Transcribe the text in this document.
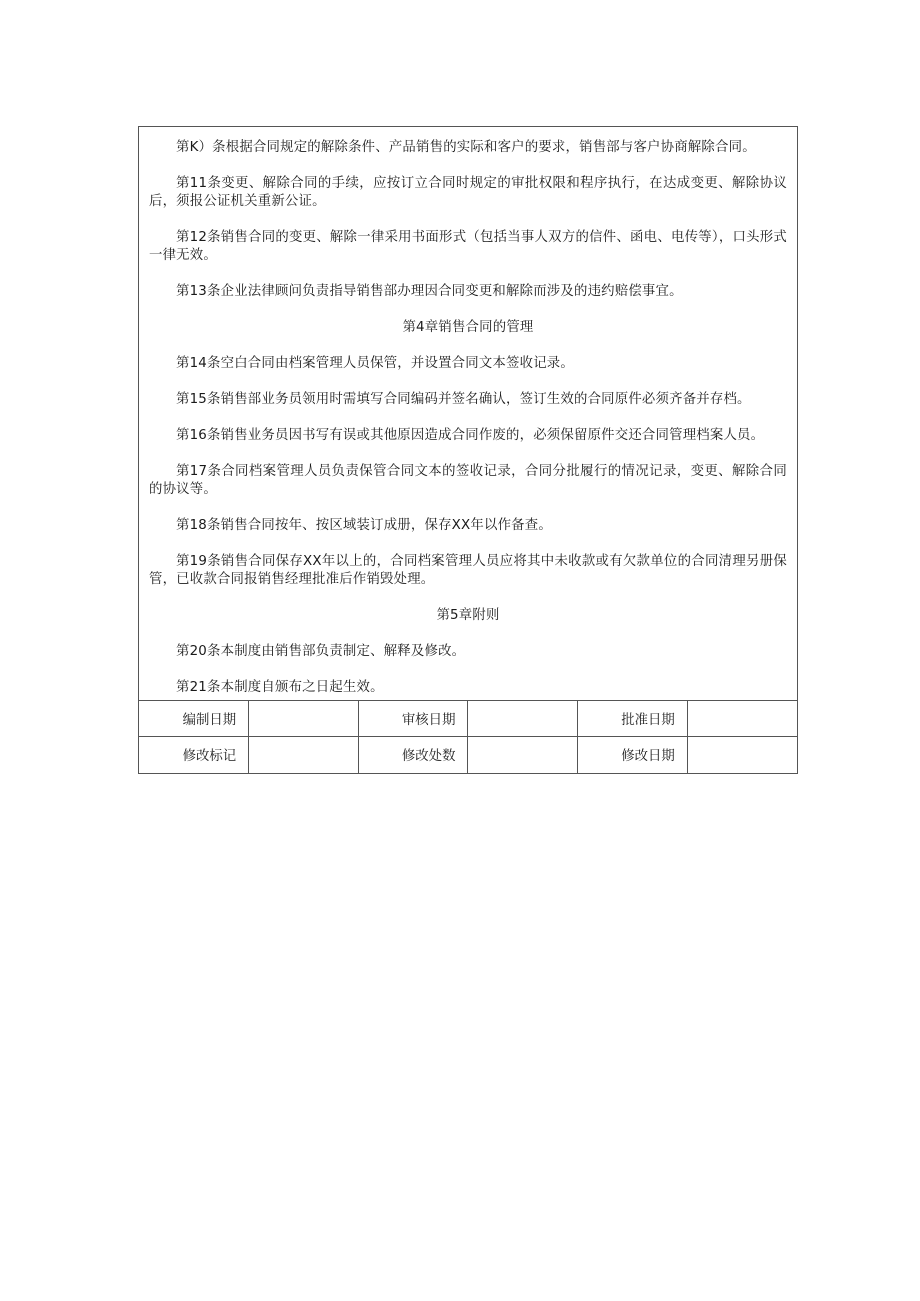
第K）条根据合同规定的解除条件、产品销售的实际和客户的要求，销售部与客户协商解除合同。

第11条变更、解除合同的手续，应按订立合同时规定的审批权限和程序执行，在达成变更、解除协议后，须报公证机关重新公证。

第12条销售合同的变更、解除一律采用书面形式（包括当事人双方的信件、函电、电传等），口头形式一律无效。

第13条企业法律顾问负责指导销售部办理因合同变更和解除而涉及的违约赔偿事宜。

第4章销售合同的管理

第14条空白合同由档案管理人员保管，并设置合同文本签收记录。

第15条销售部业务员领用时需填写合同编码并签名确认，签订生效的合同原件必须齐备并存档。

第16条销售业务员因书写有误或其他原因造成合同作废的，必须保留原件交还合同管理档案人员。

第17条合同档案管理人员负责保管合同文本的签收记录，合同分批履行的情况记录，变更、解除合同的协议等。

第18条销售合同按年、按区域装订成册，保存XX年以作备查。

第19条销售合同保存XX年以上的，合同档案管理人员应将其中未收款或有欠款单位的合同清理另册保管，已收款合同报销售经理批准后作销毁处理。

第5章附则

第20条本制度由销售部负责制定、解释及修改。

第21条本制度自颁布之日起生效。

编制日期		审核日期		批准日期	
修改标记		修改处数		修改日期	
